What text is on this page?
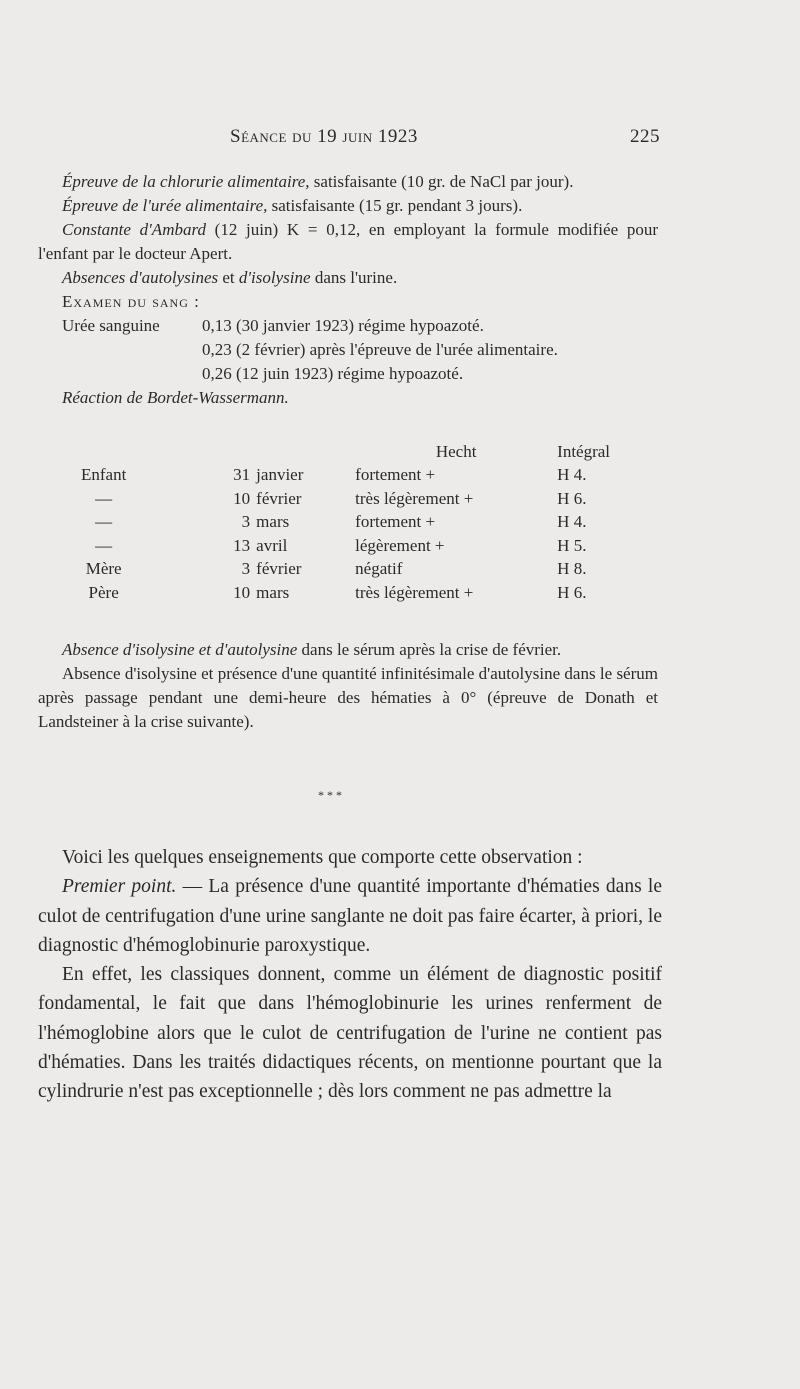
Séance du 19 juin 1923	225

Épreuve de la chlorurie alimentaire, satisfaisante (10 gr. de NaCl par jour).

Épreuve de l'urée alimentaire, satisfaisante (15 gr. pendant 3 jours).

Constante d'Ambard (12 juin) K = 0,12, en employant la formule modifiée pour l'enfant par le docteur Apert.

Absences d'autolysines et d'isolysine dans l'urine.

Examen du sang :

Urée sanguine 0,13 (30 janvier 1923) régime hypoazoté.
0,23 (2 février) après l'épreuve de l'urée alimentaire.
0,26 (12 juin 1923) régime hypoazoté.

Réaction de Bordet-Wassermann.

			Hecht	Intégral
Enfant	31	janvier	fortement +	H 4.
—	10	février	très légèrement +	H 6.
—	3	mars	fortement +	H 4.
—	13	avril	légèrement +	H 5.
Mère	3	février	négatif	H 8.
Père	10	mars	très légèrement +	H 6.

Absence d'isolysine et d'autolysine dans le sérum après la crise de février.

Absence d'isolysine et présence d'une quantité infinitésimale d'autolysine dans le sérum après passage pendant une demi-heure des hématies à 0° (épreuve de Donath et Landsteiner à la crise suivante).

* * *

Voici les quelques enseignements que comporte cette observation :

Premier point. — La présence d'une quantité importante d'hématies dans le culot de centrifugation d'une urine sanglante ne doit pas faire écarter, à priori, le diagnostic d'hémoglobinurie paroxystique.

En effet, les classiques donnent, comme un élément de diagnostic positif fondamental, le fait que dans l'hémoglobinurie les urines renferment de l'hémoglobine alors que le culot de centrifugation de l'urine ne contient pas d'hématies. Dans les traités didactiques récents, on mentionne pourtant que la cylindrurie n'est pas exceptionnelle ; dès lors comment ne pas admettre la
